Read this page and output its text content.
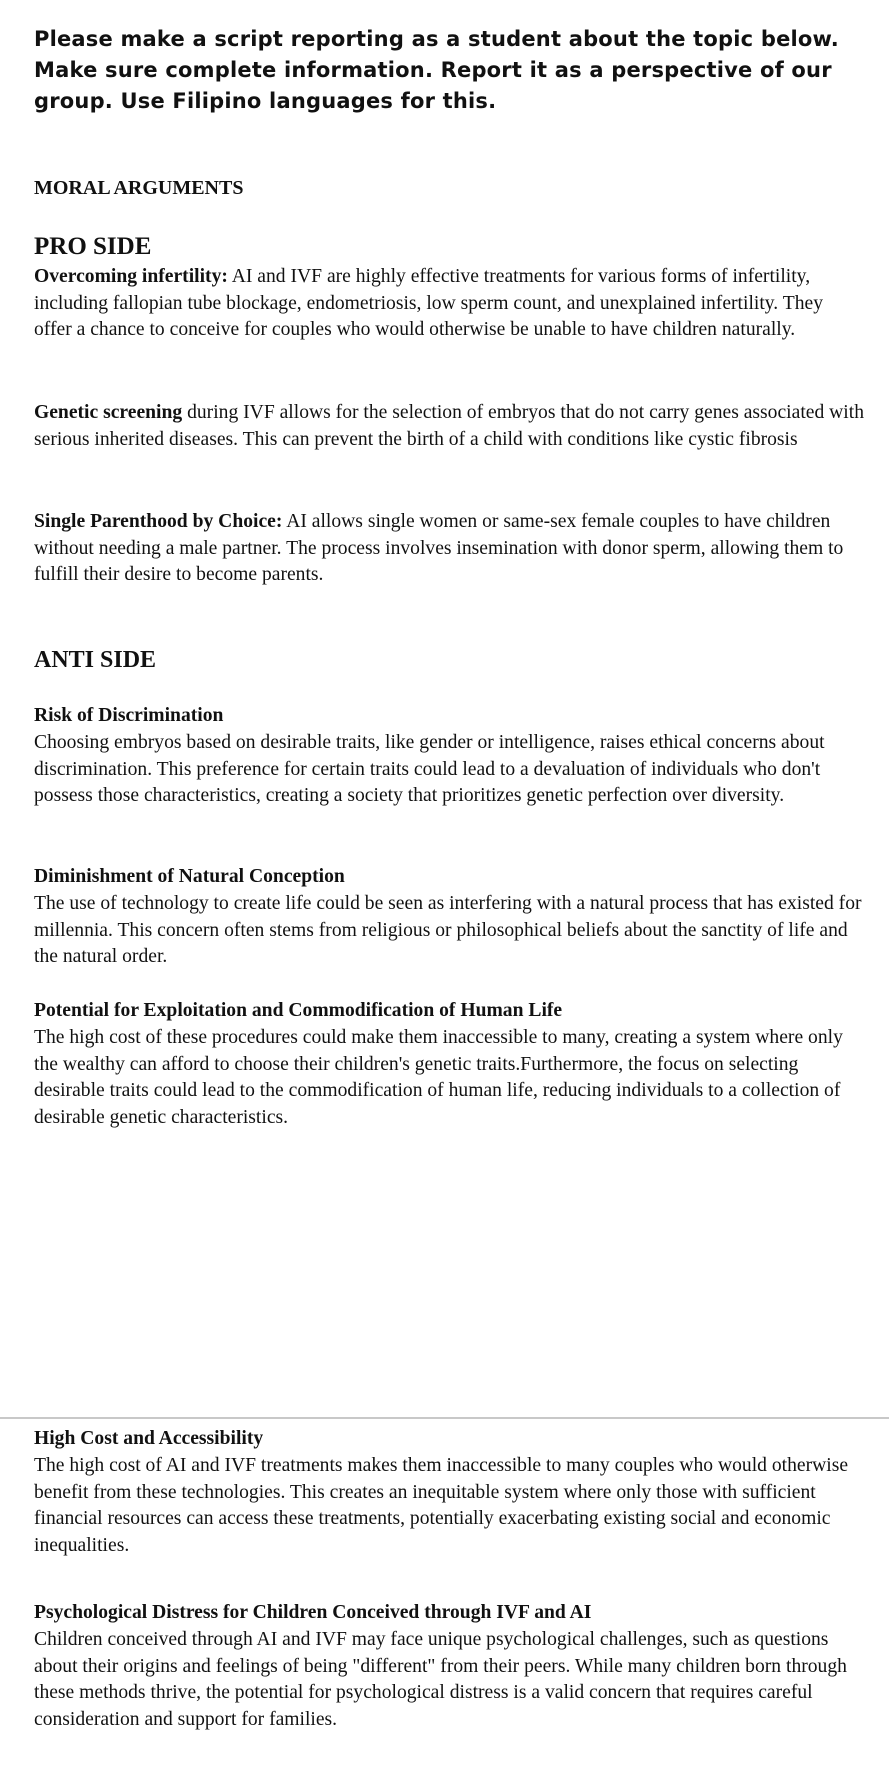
Please make a script reporting as a student about the topic below. Make sure complete information. Report it as a perspective of our group. Use Filipino languages for this.
MORAL ARGUMENTS
PRO SIDE
Overcoming infertility: AI and IVF are highly effective treatments for various forms of infertility, including fallopian tube blockage, endometriosis, low sperm count, and unexplained infertility. They offer a chance to conceive for couples who would otherwise be unable to have children naturally.
Genetic screening during IVF allows for the selection of embryos that do not carry genes associated with serious inherited diseases. This can prevent the birth of a child with conditions like cystic fibrosis
Single Parenthood by Choice: AI allows single women or same-sex female couples to have children without needing a male partner. The process involves insemination with donor sperm, allowing them to fulfill their desire to become parents.
ANTI SIDE
Risk of Discrimination
Choosing embryos based on desirable traits, like gender or intelligence, raises ethical concerns about discrimination. This preference for certain traits could lead to a devaluation of individuals who don't possess those characteristics, creating a society that prioritizes genetic perfection over diversity.
Diminishment of Natural Conception
The use of technology to create life could be seen as interfering with a natural process that has existed for millennia. This concern often stems from religious or philosophical beliefs about the sanctity of life and the natural order.
Potential for Exploitation and Commodification of Human Life
The high cost of these procedures could make them inaccessible to many, creating a system where only the wealthy can afford to choose their children's genetic traits.Furthermore, the focus on selecting desirable traits could lead to the commodification of human life, reducing individuals to a collection of desirable genetic characteristics.
High Cost and Accessibility
The high cost of AI and IVF treatments makes them inaccessible to many couples who would otherwise benefit from these technologies. This creates an inequitable system where only those with sufficient financial resources can access these treatments, potentially exacerbating existing social and economic inequalities.
Psychological Distress for Children Conceived through IVF and AI
Children conceived through AI and IVF may face unique psychological challenges, such as questions about their origins and feelings of being "different" from their peers. While many children born through these methods thrive, the potential for psychological distress is a valid concern that requires careful consideration and support for families.
